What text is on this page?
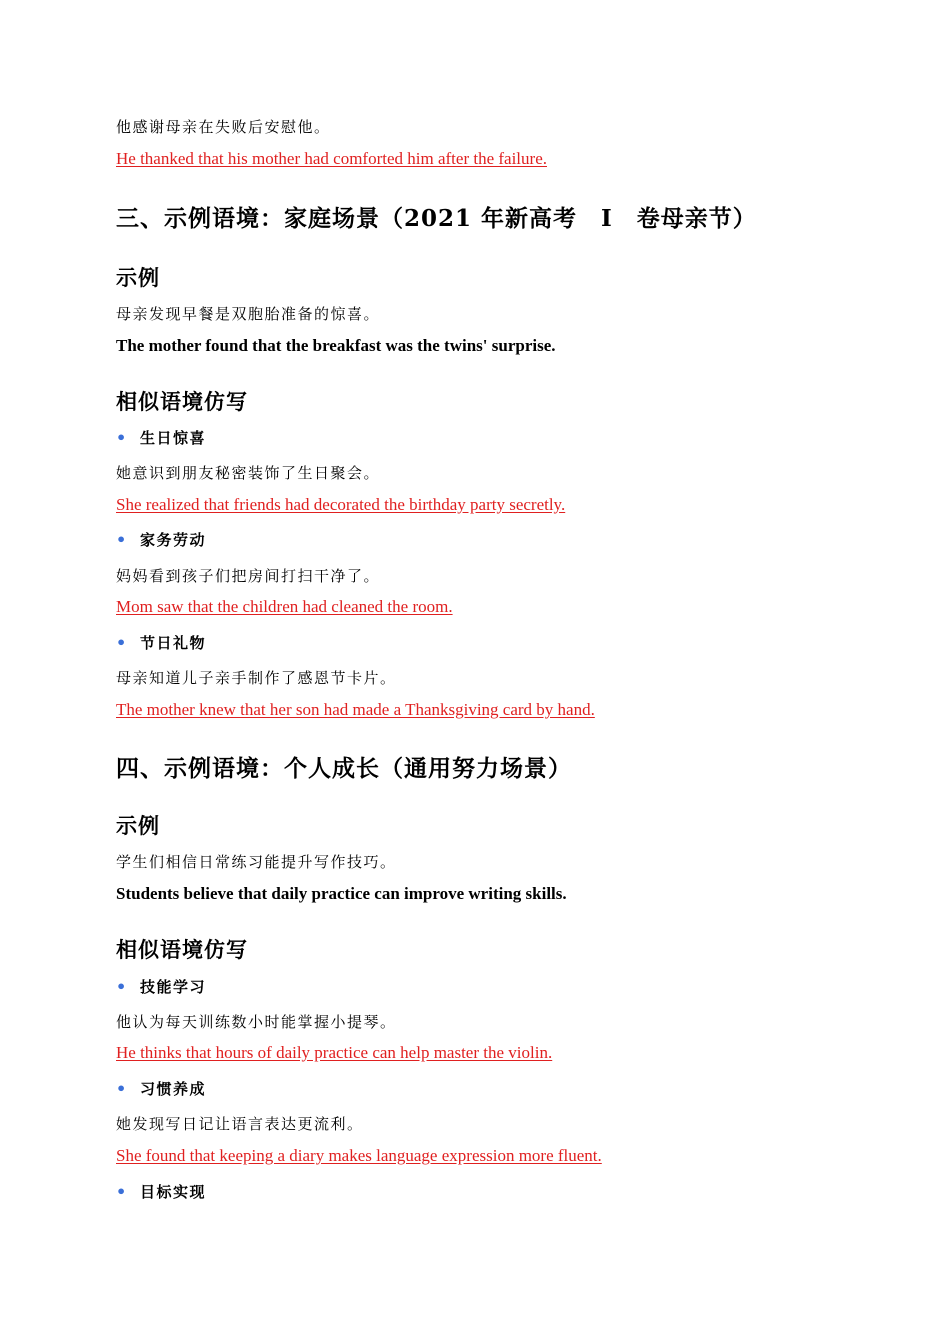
他感谢母亲在失败后安慰他。
He thanked that his mother had comforted him after the failure.
三、示例语境：家庭场景（2021 年新高考　Ⅰ　卷母亲节）
示例
母亲发现早餐是双胞胎准备的惊喜。
The mother found that the breakfast was the twins' surprise.
相似语境仿写
• 生日惊喜
她意识到朋友秘密装饰了生日聚会。
She realized that friends had decorated the birthday party secretly.
• 家务劳动
妈妈看到孩子们把房间打扫干净了。
Mom saw that the children had cleaned the room.
• 节日礼物
母亲知道儿子亲手制作了感恩节卡片。
The mother knew that her son had made a Thanksgiving card by hand.
四、示例语境：个人成长（通用努力场景）
示例
学生们相信日常练习能提升写作技巧。
Students believe that daily practice can improve writing skills.
相似语境仿写
• 技能学习
他认为每天训练数小时能掌握小提琴。
He thinks that hours of daily practice can help master the violin.
• 习惯养成
她发现写日记让语言表达更流利。
She found that keeping a diary makes language expression more fluent.
• 目标实现
